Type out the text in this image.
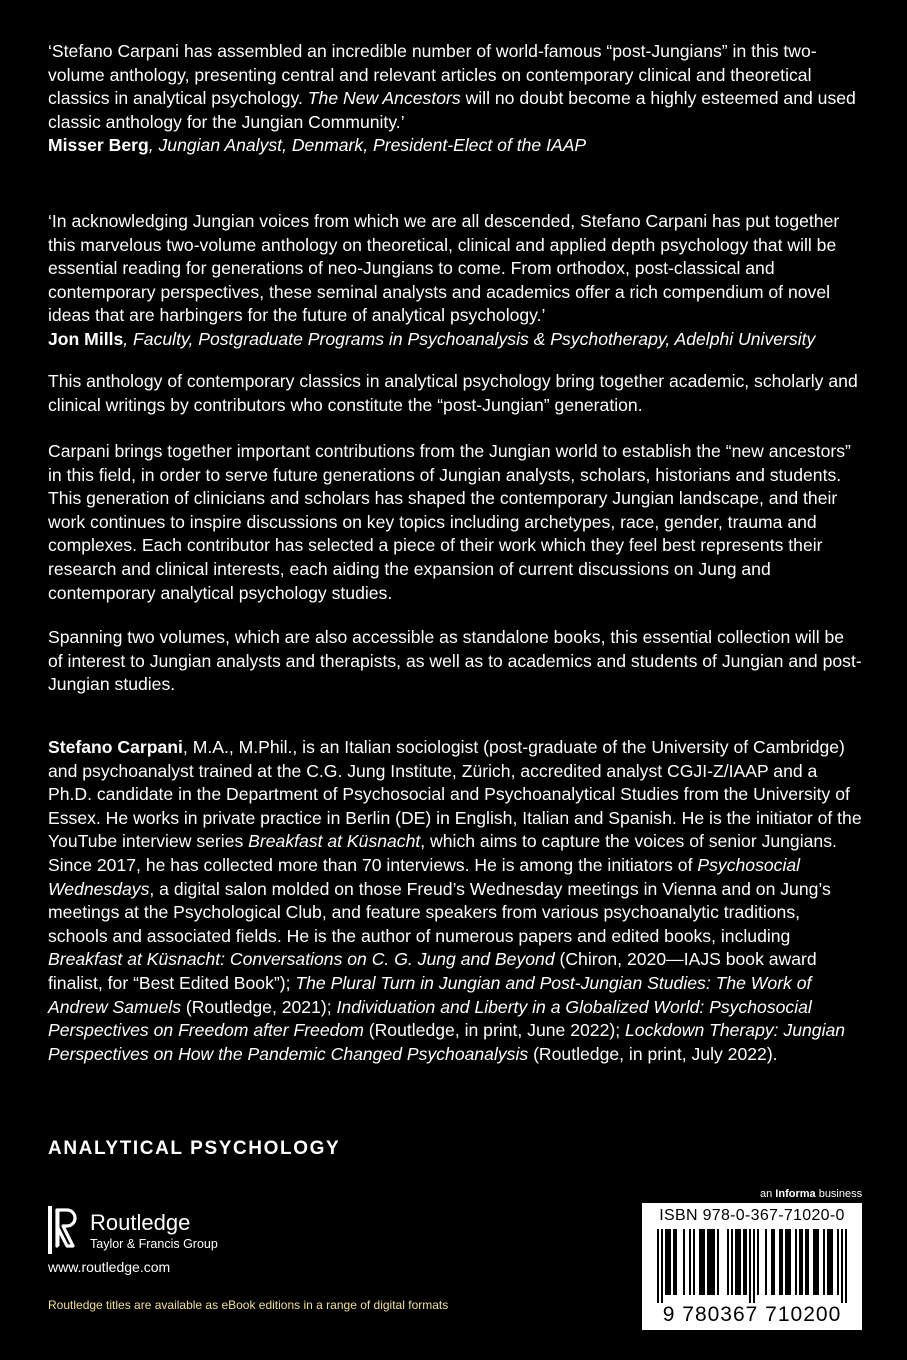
‘Stefano Carpani has assembled an incredible number of world-famous “post-Jungians” in this two-volume anthology, presenting central and relevant articles on contemporary clinical and theoretical classics in analytical psychology. The New Ancestors will no doubt become a highly esteemed and used classic anthology for the Jungian Community.’

Misser Berg, Jungian Analyst, Denmark, President-Elect of the IAAP

‘In acknowledging Jungian voices from which we are all descended, Stefano Carpani has put together this marvelous two-volume anthology on theoretical, clinical and applied depth psychology that will be essential reading for generations of neo-Jungians to come. From orthodox, post-classical and contemporary perspectives, these seminal analysts and academics offer a rich compendium of novel ideas that are harbingers for the future of analytical psychology.’

Jon Mills, Faculty, Postgraduate Programs in Psychoanalysis & Psychotherapy, Adelphi University

This anthology of contemporary classics in analytical psychology bring together academic, scholarly and clinical writings by contributors who constitute the “post-Jungian” generation.

Carpani brings together important contributions from the Jungian world to establish the “new ancestors” in this field, in order to serve future generations of Jungian analysts, scholars, historians and students. This generation of clinicians and scholars has shaped the contemporary Jungian landscape, and their work continues to inspire discussions on key topics including archetypes, race, gender, trauma and complexes. Each contributor has selected a piece of their work which they feel best represents their research and clinical interests, each aiding the expansion of current discussions on Jung and contemporary analytical psychology studies.

Spanning two volumes, which are also accessible as standalone books, this essential collection will be of interest to Jungian analysts and therapists, as well as to academics and students of Jungian and post-Jungian studies.

Stefano Carpani, M.A., M.Phil., is an Italian sociologist (post-graduate of the University of Cambridge) and psychoanalyst trained at the C.G. Jung Institute, Zürich, accredited analyst CGJI-Z/IAAP and a Ph.D. candidate in the Department of Psychosocial and Psychoanalytical Studies from the University of Essex. He works in private practice in Berlin (DE) in English, Italian and Spanish. He is the initiator of the YouTube interview series Breakfast at Küsnacht, which aims to capture the voices of senior Jungians. Since 2017, he has collected more than 70 interviews. He is among the initiators of Psychosocial Wednesdays, a digital salon molded on those Freud’s Wednesday meetings in Vienna and on Jung’s meetings at the Psychological Club, and feature speakers from various psychoanalytic traditions, schools and associated fields. He is the author of numerous papers and edited books, including Breakfast at Küsnacht: Conversations on C. G. Jung and Beyond (Chiron, 2020—IAJS book award finalist, for “Best Edited Book”); The Plural Turn in Jungian and Post-Jungian Studies: The Work of Andrew Samuels (Routledge, 2021); Individuation and Liberty in a Globalized World: Psychosocial Perspectives on Freedom after Freedom (Routledge, in print, June 2022); Lockdown Therapy: Jungian Perspectives on How the Pandemic Changed Psychoanalysis (Routledge, in print, July 2022).

ANALYTICAL PSYCHOLOGY
Routledge
Taylor & Francis Group
www.routledge.com
Routledge titles are available as eBook editions in a range of digital formats
an Informa business
ISBN 978-0-367-71020-0
9 780367 710200
